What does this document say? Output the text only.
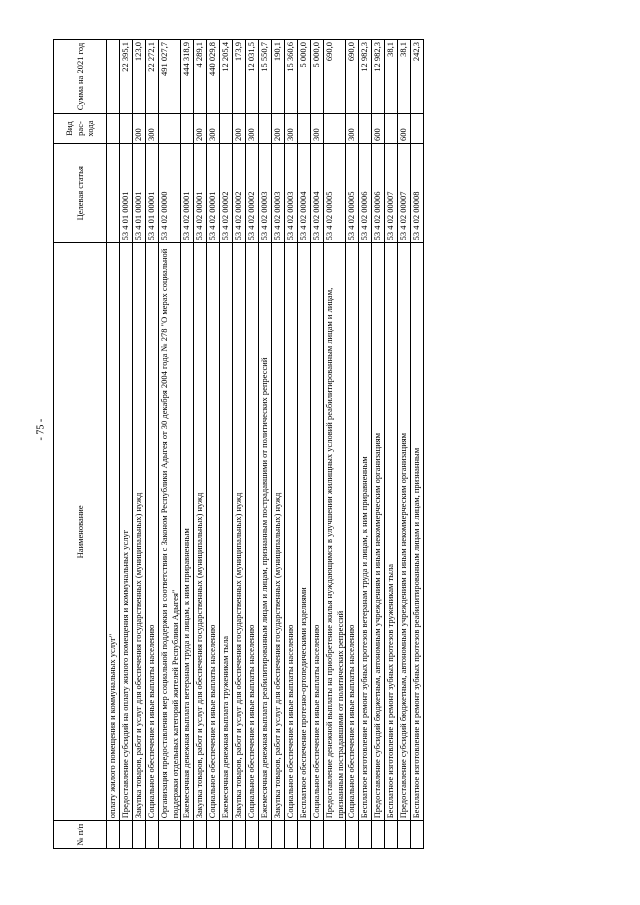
- 75 -
№ п/п	Наименование	Целевая статья	Вид рас- хода	Сумма на 2021 год
	оплату жилого помещения и коммунальных услуг"			
	Предоставление субсидий на оплату жилого помещения и коммунальных услуг	53 4 01 00001		22 395,1
	Закупка товаров, работ и услуг для обеспечения государственных (муниципальных) нужд	53 4 01 00001	200	123,0
	Социальное обеспечение и иные выплаты населению	53 4 01 00001	300	22 272,1
	Организация предоставления мер социальной поддержки в соответствии с Законом Республики Адыгея от 30 декабря 2004 года № 278 "О мерах социальной поддержки отдельных категорий жителей Республики Адыгея"	53 4 02 00000		491 027,7
	Ежемесячная денежная выплата ветеранам труда и лицам, к ним приравненным	53 4 02 00001		444 318,9
	Закупка товаров, работ и услуг для обеспечения государственных (муниципальных) нужд	53 4 02 00001	200	4 289,1
	Социальное обеспечение и иные выплаты населению	53 4 02 00001	300	440 029,8
	Ежемесячная денежная выплата труженикам тыла	53 4 02 00002		12 205,4
	Закупка товаров, работ и услуг для обеспечения государственных (муниципальных) нужд	53 4 02 00002	200	173,9
	Социальное обеспечение и иные выплаты населению	53 4 02 00002	300	12 031,5
	Ежемесячная денежная выплата реабилитированным лицам и лицам, признанным пострадавшими от политических репрессий	53 4 02 00003		15 550,7
	Закупка товаров, работ и услуг для обеспечения государственных (муниципальных) нужд	53 4 02 00003	200	190,1
	Социальное обеспечение и иные выплаты населению	53 4 02 00003	300	15 360,6
	Бесплатное обеспечение протезно-ортопедическими изделиями	53 4 02 00004		5 000,0
	Социальное обеспечение и иные выплаты населению	53 4 02 00004	300	5 000,0
	Предоставление денежной выплаты на приобретение жилья нуждающимся в улучшении жилищных условий реабилитированным лицам и лицам, признанным пострадавшими от политических репрессий	53 4 02 00005		690,0
	Социальное обеспечение и иные выплаты населению	53 4 02 00005	300	690,0
	Бесплатное изготовление и ремонт зубных протезов ветеранам труда и лицам, к ним приравненным	53 4 02 00006		12 982,3
	Предоставление субсидий бюджетным, автономным учреждениям и иным некоммерческим организациям	53 4 02 00006	600	12 982,3
	Бесплатное изготовление и ремонт зубных протезов труженикам тыла	53 4 02 00007		38,1
	Предоставление субсидий бюджетным, автономным учреждениям и иным некоммерческим организациям	53 4 02 00007	600	38,1
	Бесплатное изготовление и ремонт зубных протезов реабилитированным лицам и лицам, признанным	53 4 02 00008		242,3
